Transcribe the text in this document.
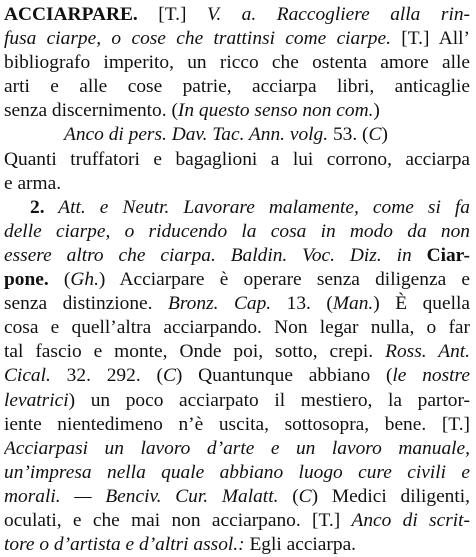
ACCIARPARE. [T.] V. a. Raccogliere alla rin-
fusa ciarpe, o cose che trattinsi come ciarpe. [T.] All’
bibliografo imperito, un ricco che ostenta amore alle
arti e alle cose patrie, acciarpa libri, anticaglie
senza discernimento. (In questo senso non com.)
Anco di pers. Dav. Tac. Ann. volg. 53. (C)
Quanti truffatori e bagaglioni a lui corrono, acciarpa
e arma.
2. Att. e Neutr. Lavorare malamente, come si fa
delle ciarpe, o riducendo la cosa in modo da non
essere altro che ciarpa. Baldin. Voc. Diz. in Ciar-
pone. (Gh.) Acciarpare è operare senza diligenza e
senza distinzione. Bronz. Cap. 13. (Man.) È quella
cosa e quell’altra acciarpando. Non legar nulla, o far
tal fascio e monte, Onde poi, sotto, crepi. Ross. Ant.
Cical. 32. 292. (C) Quantunque abbiano (le nostre
levatrici) un poco acciarpato il mestiero, la partor-
iente nientedimeno n’è uscita, sottosopra, bene. [T.]
Acciarpasi un lavoro d’arte e un lavoro manuale,
un’impresa nella quale abbiano luogo cure civili e
morali. — Benciv. Cur. Malatt. (C) Medici diligenti,
oculati, e che mai non acciarpano. [T.] Anco di scrit-
tore o d’artista e d’altri assol.: Egli acciarpa.
